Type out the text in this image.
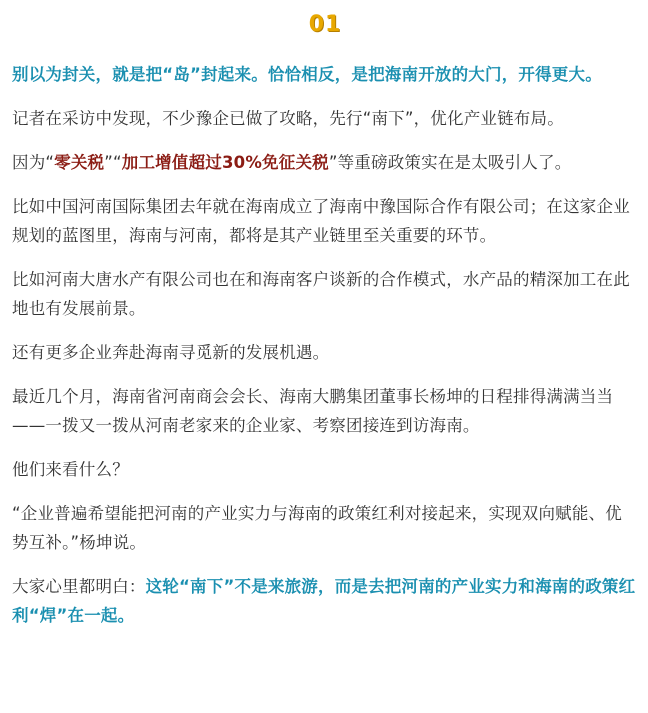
01

别以为封关，就是把“岛”封起来。恰恰相反，是把海南开放的大门，开得更大。

记者在采访中发现，不少豫企已做了攻略，先行“南下”，优化产业链布局。

因为“零关税”“加工增值超过30%免征关税”等重磅政策实在是太吸引人了。

比如中国河南国际集团去年就在海南成立了海南中豫国际合作有限公司；在这家企业规划的蓝图里，海南与河南，都将是其产业链里至关重要的环节。

比如河南大唐水产有限公司也在和海南客户谈新的合作模式，水产品的精深加工在此地也有发展前景。

还有更多企业奔赴海南寻觅新的发展机遇。

最近几个月，海南省河南商会会长、海南大鹏集团董事长杨坤的日程排得满满当当——一拨又一拨从河南老家来的企业家、考察团接连到访海南。

他们来看什么？

“企业普遍希望能把河南的产业实力与海南的政策红利对接起来，实现双向赋能、优势互补。”杨坤说。

大家心里都明白：这轮“南下”不是来旅游，而是去把河南的产业实力和海南的政策红利“焊”在一起。
